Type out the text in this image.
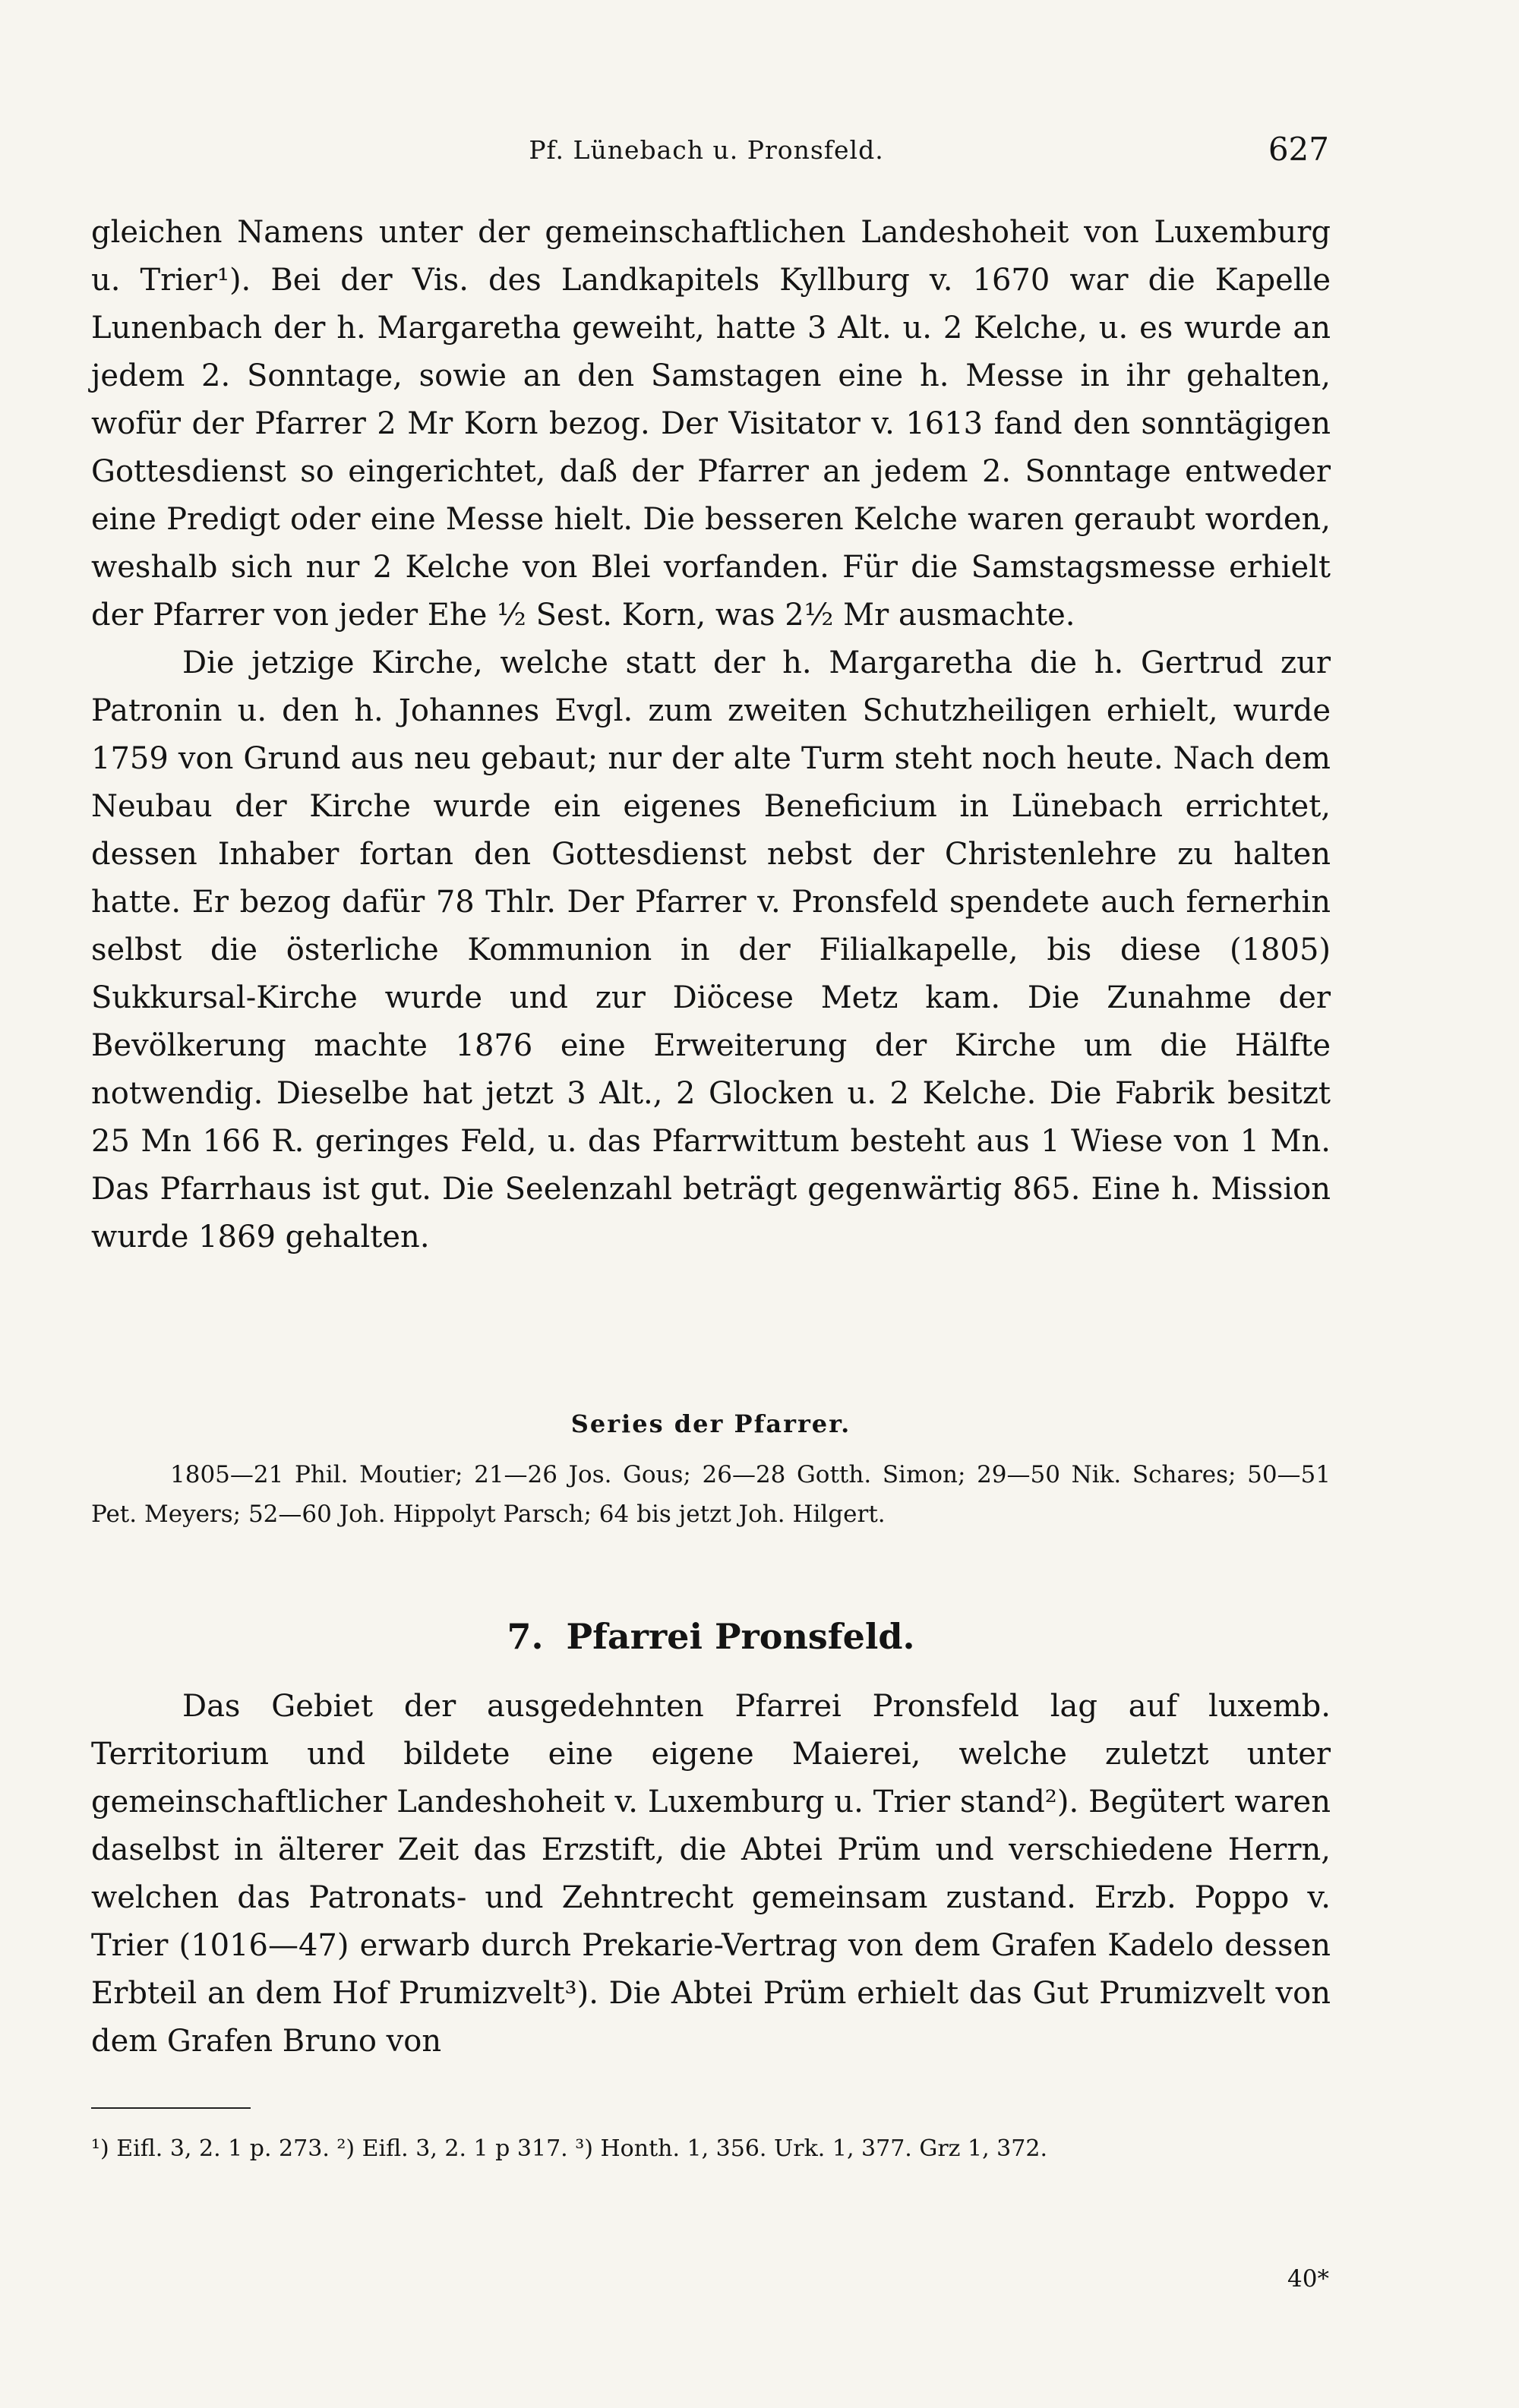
Pf. Lünebach u. Pronsfeld.	627

gleichen Namens unter der gemeinschaftlichen Landeshoheit von Luxemburg u. Trier¹). Bei der Vis. des Landkapitels Kyllburg v. 1670 war die Kapelle Lunenbach der h. Margaretha geweiht, hatte 3 Alt. u. 2 Kelche, u. es wurde an jedem 2. Sonntage, sowie an den Samstagen eine h. Messe in ihr gehalten, wofür der Pfarrer 2 Mr Korn bezog. Der Visitator v. 1613 fand den sonntägigen Gottesdienst so eingerichtet, daß der Pfarrer an jedem 2. Sonntage entweder eine Predigt oder eine Messe hielt. Die besseren Kelche waren geraubt worden, weshalb sich nur 2 Kelche von Blei vorfanden. Für die Samstagsmesse erhielt der Pfarrer von jeder Ehe ½ Sest. Korn, was 2½ Mr ausmachte.

Die jetzige Kirche, welche statt der h. Margaretha die h. Gertrud zur Patronin u. den h. Johannes Evgl. zum zweiten Schutzheiligen erhielt, wurde 1759 von Grund aus neu gebaut; nur der alte Turm steht noch heute. Nach dem Neubau der Kirche wurde ein eigenes Beneficium in Lünebach errichtet, dessen Inhaber fortan den Gottesdienst nebst der Christenlehre zu halten hatte. Er bezog dafür 78 Thlr. Der Pfarrer v. Pronsfeld spendete auch fernerhin selbst die österliche Kommunion in der Filialkapelle, bis diese (1805) Sukkursal-Kirche wurde und zur Diöcese Metz kam. Die Zunahme der Bevölkerung machte 1876 eine Erweiterung der Kirche um die Hälfte notwendig. Dieselbe hat jetzt 3 Alt., 2 Glocken u. 2 Kelche. Die Fabrik besitzt 25 Mn 166 R. geringes Feld, u. das Pfarrwittum besteht aus 1 Wiese von 1 Mn. Das Pfarrhaus ist gut. Die Seelenzahl beträgt gegenwärtig 865. Eine h. Mission wurde 1869 gehalten.

Series der Pfarrer.
1805—21 Phil. Moutier; 21—26 Jos. Gous; 26—28 Gotth. Simon; 29—50 Nik. Schares; 50—51 Pet. Meyers; 52—60 Joh. Hippolyt Parsch; 64 bis jetzt Joh. Hilgert.
7. Pfarrei Pronsfeld.

Das Gebiet der ausgedehnten Pfarrei Pronsfeld lag auf luxemb. Territorium und bildete eine eigene Maierei, welche zuletzt unter gemeinschaftlicher Landeshoheit v. Luxemburg u. Trier stand²). Begütert waren daselbst in älterer Zeit das Erzstift, die Abtei Prüm und verschiedene Herrn, welchen das Patronats- und Zehntrecht gemeinsam zustand. Erzb. Poppo v. Trier (1016—47) erwarb durch Prekarie-Vertrag von dem Grafen Kadelo dessen Erbteil an dem Hof Prumizvelt³). Die Abtei Prüm erhielt das Gut Prumizvelt von dem Grafen Bruno von

¹) Eifl. 3, 2. 1 p. 273. ²) Eifl. 3, 2. 1 p 317. ³) Honth. 1, 356. Urk. 1, 377. Grz 1, 372.
40*
